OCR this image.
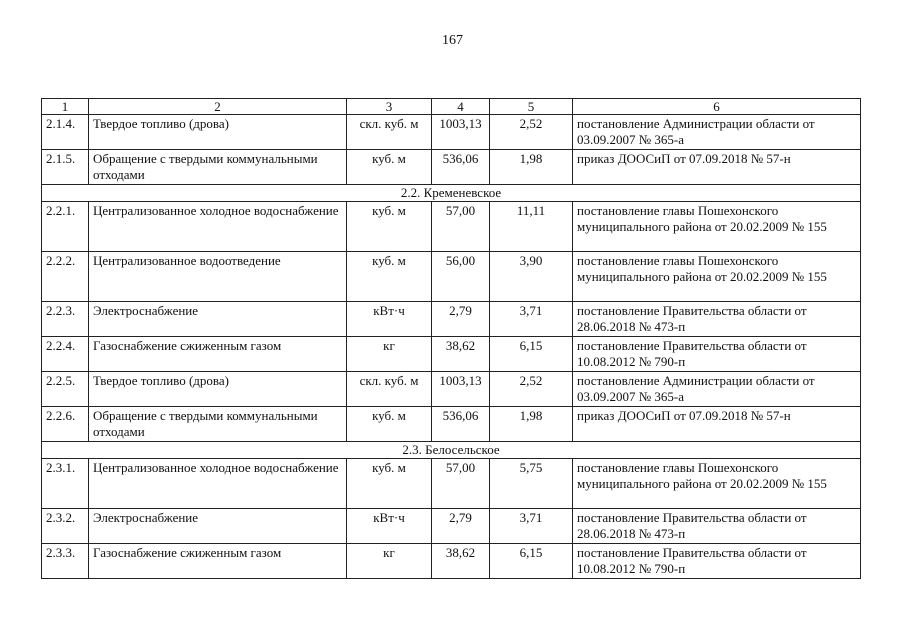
167
1	2	3	4	5	6
2.1.4.	Твердое топливо (дрова)	скл. куб. м	1003,13	2,52	постановление Администрации области от 03.09.2007 № 365-а
2.1.5.	Обращение с твердыми коммунальными отходами	куб. м	536,06	1,98	приказ ДООСиП от 07.09.2018 № 57-н
2.2. Кременевское					
2.2.1.	Централизованное холодное водоснабжение	куб. м	57,00	11,11	постановление главы Пошехонского муниципального района от 20.02.2009 № 155
2.2.2.	Централизованное водоотведение	куб. м	56,00	3,90	постановление главы Пошехонского муниципального района от 20.02.2009 № 155
2.2.3.	Электроснабжение	кВт·ч	2,79	3,71	постановление Правительства области от 28.06.2018 № 473-п
2.2.4.	Газоснабжение сжиженным газом	кг	38,62	6,15	постановление Правительства области от 10.08.2012 № 790-п
2.2.5.	Твердое топливо (дрова)	скл. куб. м	1003,13	2,52	постановление Администрации области от 03.09.2007 № 365-а
2.2.6.	Обращение с твердыми коммунальными отходами	куб. м	536,06	1,98	приказ ДООСиП от 07.09.2018 № 57-н
2.3. Белосельское					
2.3.1.	Централизованное холодное водоснабжение	куб. м	57,00	5,75	постановление главы Пошехонского муниципального района от 20.02.2009 № 155
2.3.2.	Электроснабжение	кВт·ч	2,79	3,71	постановление Правительства области от 28.06.2018 № 473-п
2.3.3.	Газоснабжение сжиженным газом	кг	38,62	6,15	постановление Правительства области от 10.08.2012 № 790-п
